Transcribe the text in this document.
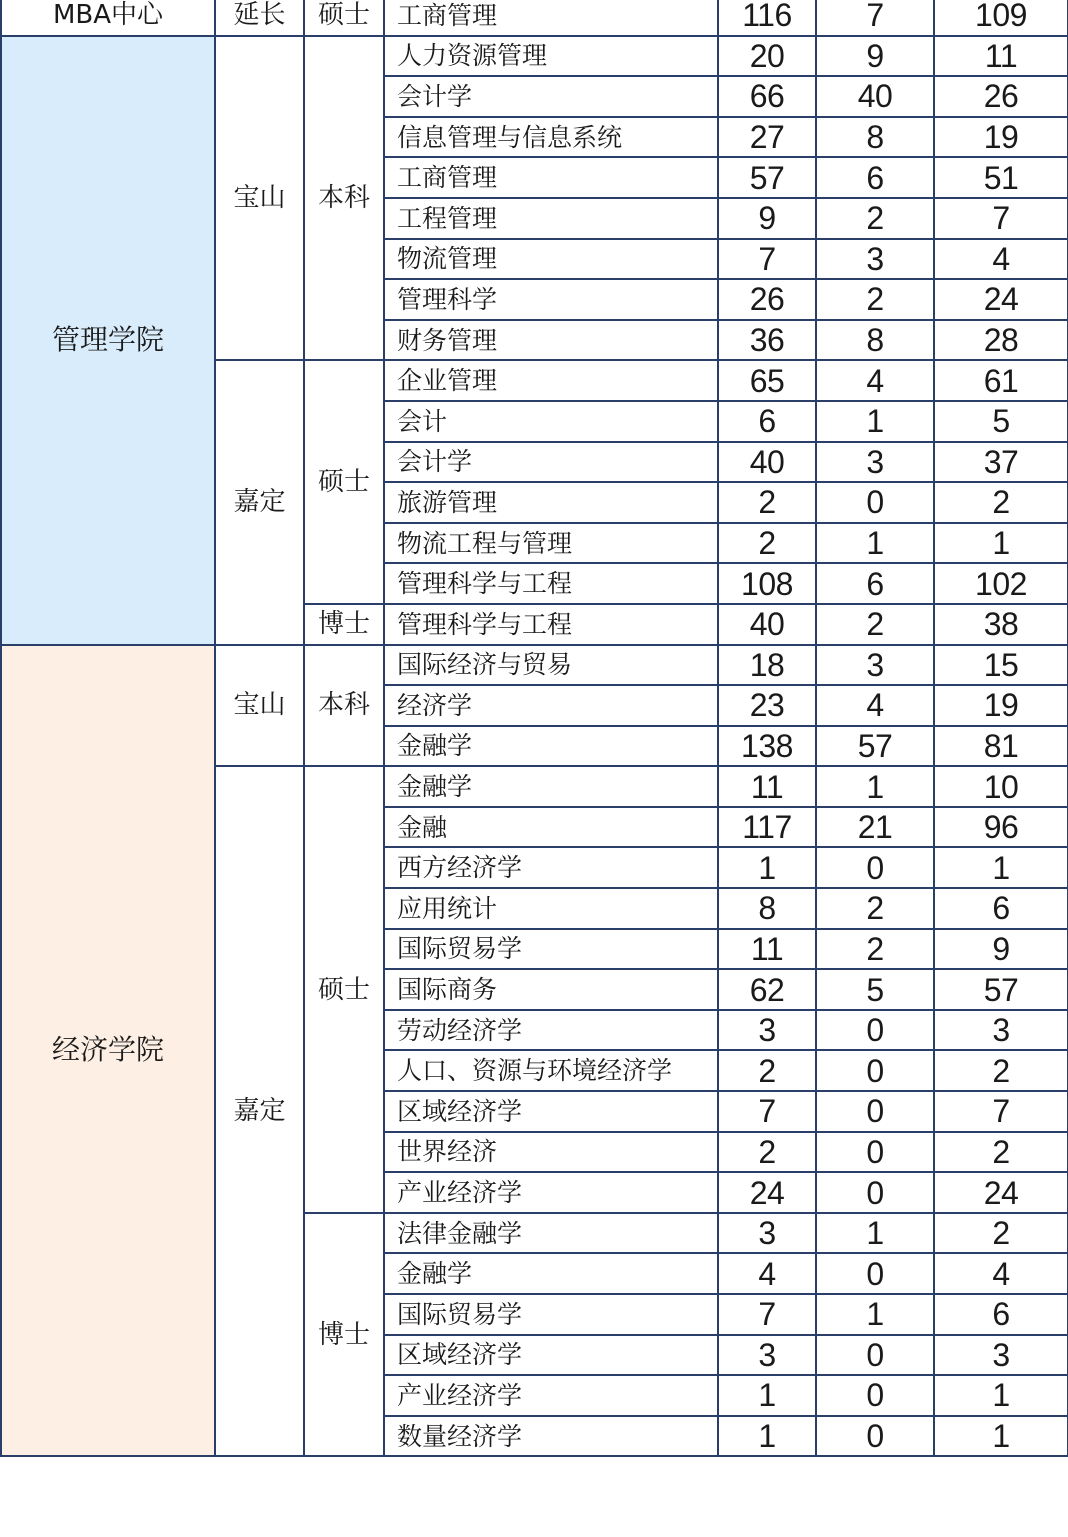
MBA中心	延长	硕士	工商管理	116	7	109
管理学院	宝山	本科	人力资源管理	20	9	11
			会计学	66	40	26
			信息管理与信息系统	27	8	19
			工商管理	57	6	51
			工程管理	9	2	7
			物流管理	7	3	4
			管理科学	26	2	24
			财务管理	36	8	28
	嘉定	硕士	企业管理	65	4	61
			会计	6	1	5
			会计学	40	3	37
			旅游管理	2	0	2
			物流工程与管理	2	1	1
			管理科学与工程	108	6	102
		博士	管理科学与工程	40	2	38
经济学院	宝山	本科	国际经济与贸易	18	3	15
			经济学	23	4	19
			金融学	138	57	81
	嘉定	硕士	金融学	11	1	10
			金融	117	21	96
			西方经济学	1	0	1
			应用统计	8	2	6
			国际贸易学	11	2	9
			国际商务	62	5	57
			劳动经济学	3	0	3
			人口、资源与环境经济学	2	0	2
			区域经济学	7	0	7
			世界经济	2	0	2
			产业经济学	24	0	24
		博士	法律金融学	3	1	2
			金融学	4	0	4
			国际贸易学	7	1	6
			区域经济学	3	0	3
			产业经济学	1	0	1
			数量经济学	1	0	1
